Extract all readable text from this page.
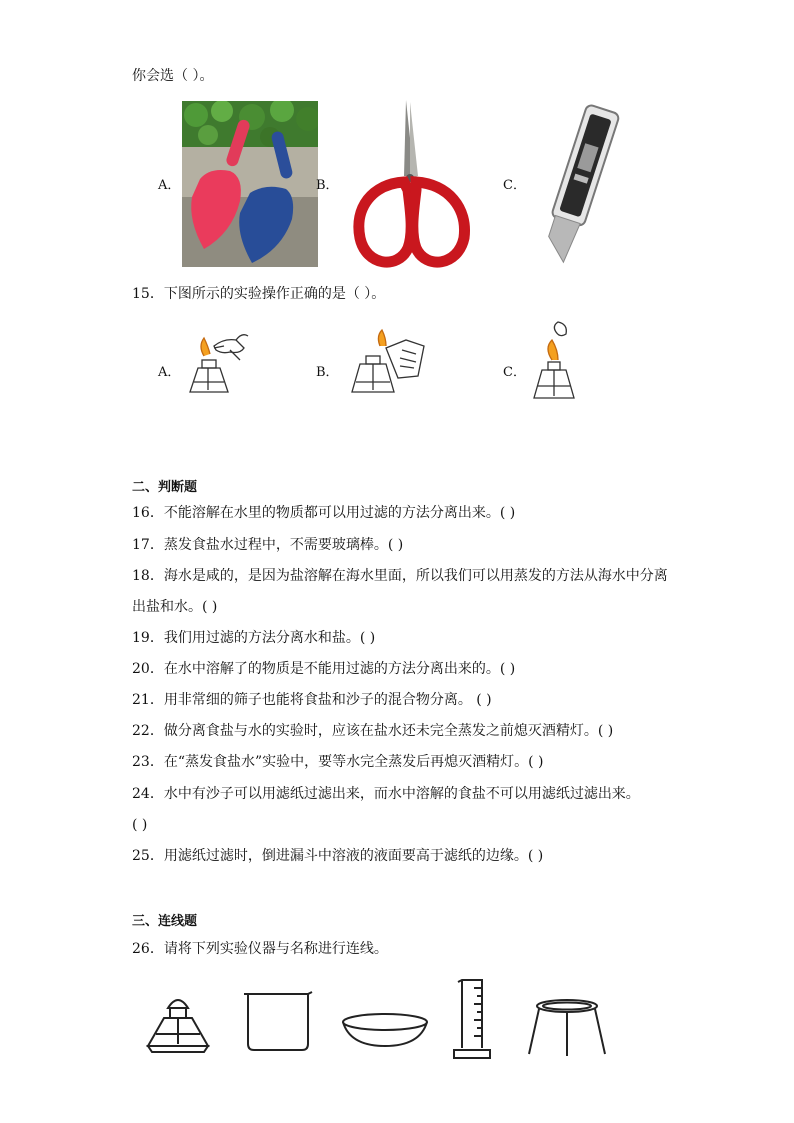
你会选（ ）。
A．	B．	C．
15．下图所示的实验操作正确的是（ ）。
A．	B．	C．
二、判断题
16．不能溶解在水里的物质都可以用过滤的方法分离出来。( )
17．蒸发食盐水过程中，不需要玻璃棒。( )
18．海水是咸的，是因为盐溶解在海水里面，所以我们可以用蒸发的方法从海水中分离
出盐和水。( )
19．我们用过滤的方法分离水和盐。( )
20．在水中溶解了的物质是不能用过滤的方法分离出来的。( )
21．用非常细的筛子也能将食盐和沙子的混合物分离。 ( )
22．做分离食盐与水的实验时，应该在盐水还未完全蒸发之前熄灭酒精灯。( )
23．在“蒸发食盐水”实验中，要等水完全蒸发后再熄灭酒精灯。( )
24．水中有沙子可以用滤纸过滤出来，而水中溶解的食盐不可以用滤纸过滤出来。
( )
25．用滤纸过滤时，倒进漏斗中溶液的液面要高于滤纸的边缘。( )
三、连线题
26．请将下列实验仪器与名称进行连线。
